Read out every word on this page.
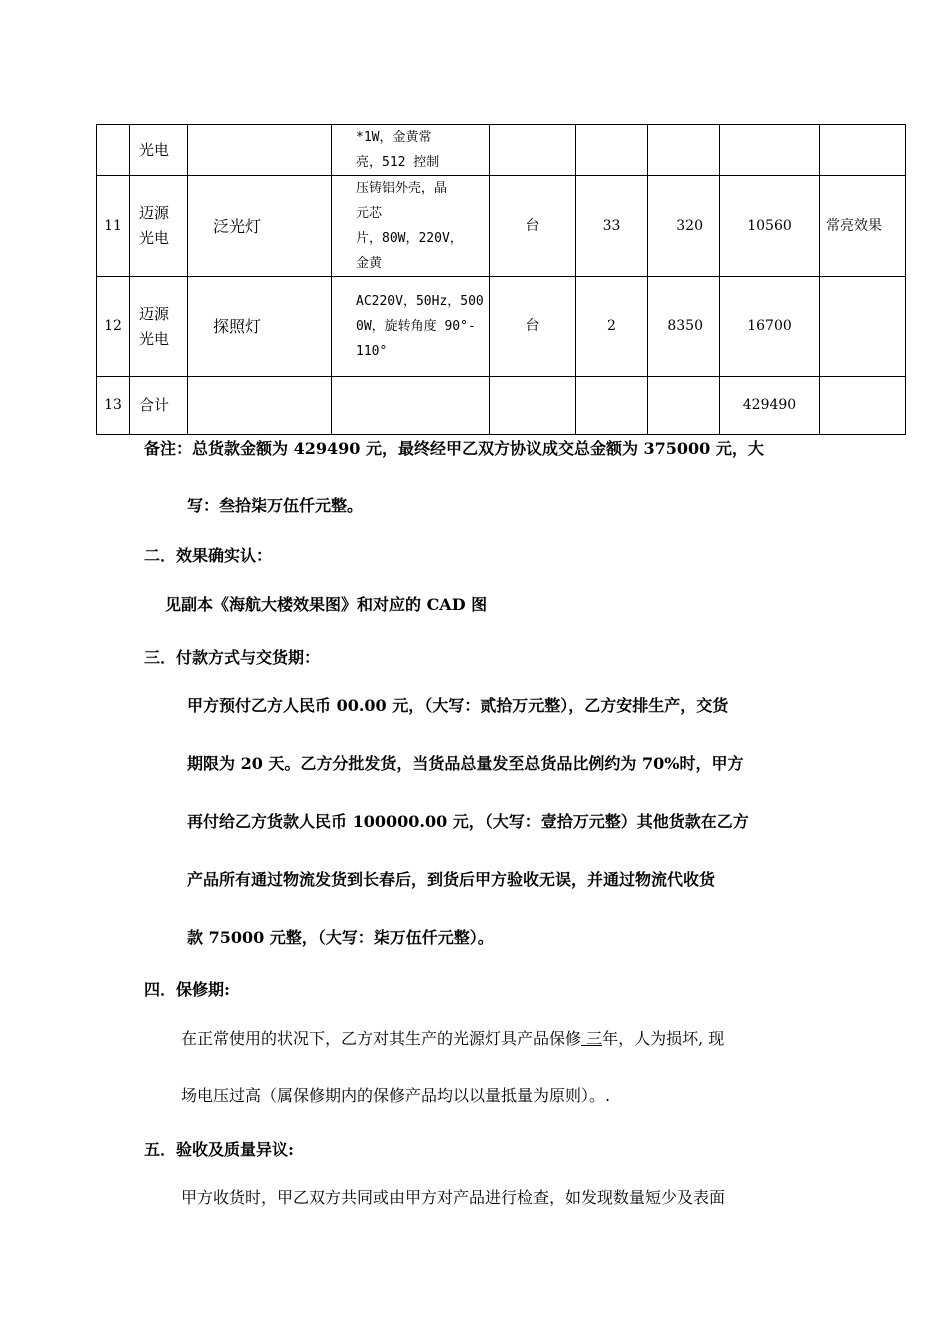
	光电		*1W，金黄常
亮，512 控制					

11	迈源光电	泛光灯	压铸铝外壳，晶
元芯
片，80W，220V，
金黄	台	33	320	10560	常亮效果
12	迈源光电	探照灯	AC220V，50Hz，500
0W，旋转角度 90°-
110°	台	2	8350	16700	
13	合计						429490	
备注：总货款金额为 429490 元，最终经甲乙双方协议成交总金额为 375000 元，大
写：叁拾柒万伍仟元整。
二．效果确实认：
见副本《海航大楼效果图》和对应的 CAD 图
三．付款方式与交货期：
甲方预付乙方人民币 00.00 元，（大写：贰拾万元整），乙方安排生产，交货
期限为 20 天。乙方分批发货，当货品总量发至总货品比例约为 70%时，甲方
再付给乙方货款人民币 100000.00 元，（大写：壹拾万元整）其他货款在乙方
产品所有通过物流发货到长春后，到货后甲方验收无误，并通过物流代收货
款 75000 元整，（大写：柒万伍仟元整）。
四．保修期:
在正常使用的状况下，乙方对其生产的光源灯具产品保修 三年，人为损坏, 现
场电压过高（属保修期内的保修产品均以以量抵量为原则）。.
五．验收及质量异议:
甲方收货时，甲乙双方共同或由甲方对产品进行检查，如发现数量短少及表面
